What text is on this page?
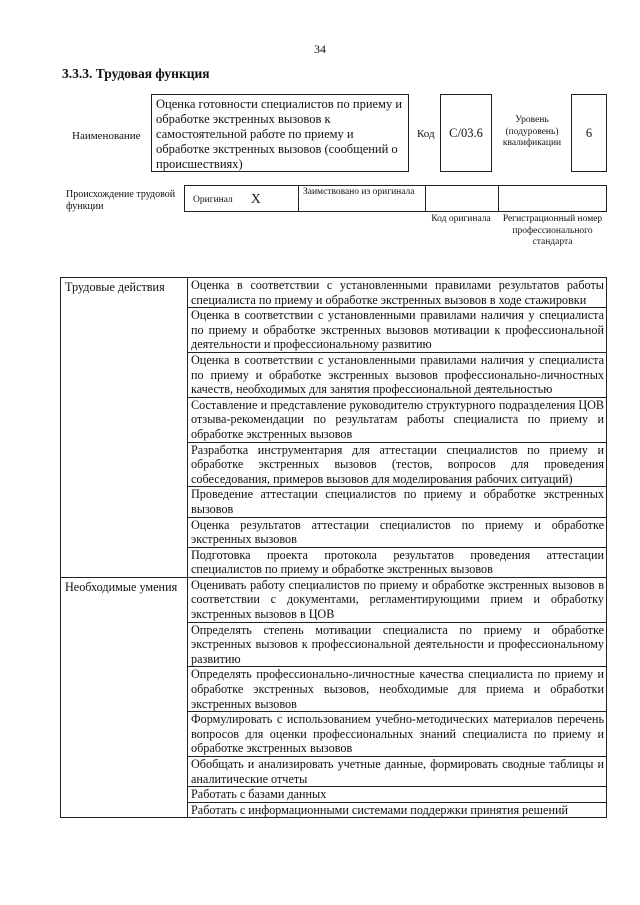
34
3.3.3. Трудовая функция
Наименование
Оценка готовности специалистов по приему и обработке экстренных вызовов к самостоятельной работе по приему и обработке экстренных вызовов (сообщений о происшествиях)
Код	C/03.6
Уровень (подуровень) квалификации
6
Происхождение трудовой функции
Оригинал X	Заимствовано из оригинала
Код оригинала Регистрационный номер профессионального стандарта
Трудовые действия	Оценка в соответствии с установленными правилами результатов работы специалиста по приему и обработке экстренных вызовов в ходе стажировки
	Оценка в соответствии с установленными правилами наличия у специалиста по приему и обработке экстренных вызовов мотивации к профессиональной деятельности и профессиональному развитию
	Оценка в соответствии с установленными правилами наличия у специалиста по приему и обработке экстренных вызовов профессионально-личностных качеств, необходимых для занятия профессиональной деятельностью
	Составление и представление руководителю структурного подразделения ЦОВ отзыва-рекомендации по результатам работы специалиста по приему и обработке экстренных вызовов
	Разработка инструментария для аттестации специалистов по приему и обработке экстренных вызовов (тестов, вопросов для проведения собеседования, примеров вызовов для моделирования рабочих ситуаций)
	Проведение аттестации специалистов по приему и обработке экстренных вызовов
	Оценка результатов аттестации специалистов по приему и обработке экстренных вызовов
	Подготовка проекта протокола результатов проведения аттестации специалистов по приему и обработке экстренных вызовов
Необходимые умения	Оценивать работу специалистов по приему и обработке экстренных вызовов в соответствии с документами, регламентирующими прием и обработку экстренных вызовов в ЦОВ
	Определять степень мотивации специалиста по приему и обработке экстренных вызовов к профессиональной деятельности и профессиональному развитию
	Определять профессионально-личностные качества специалиста по приему и обработке экстренных вызовов, необходимые для приема и обработки экстренных вызовов
	Формулировать с использованием учебно-методических материалов перечень вопросов для оценки профессиональных знаний специалиста по приему и обработке экстренных вызовов
	Обобщать и анализировать учетные данные, формировать сводные таблицы и аналитические отчеты
	Работать с базами данных
	Работать с информационными системами поддержки принятия решений
